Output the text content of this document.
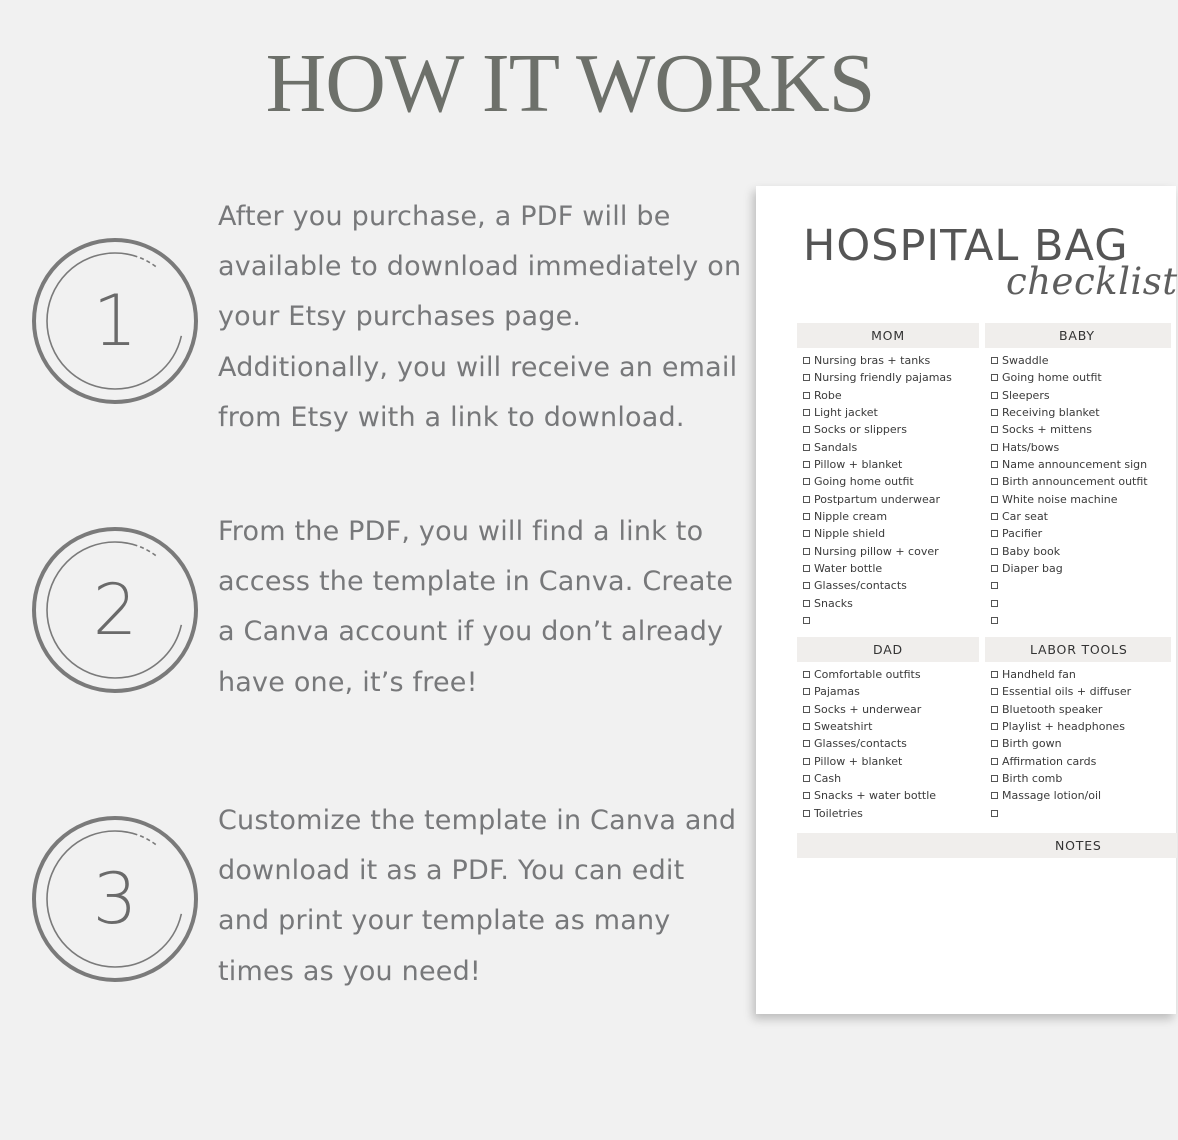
HOW IT WORKS
1

After you purchase, a PDF will be
available to download immediately on
your Etsy purchases page.
Additionally, you will receive an email
from Etsy with a link to download.

2

From the PDF, you will find a link to
access the template in Canva. Create
a Canva account if you don’t already
have one, it’s free!

3

Customize the template in Canva and
download it as a PDF. You can edit
and print your template as many
times as you need!

HOSPITAL BAG
checklist
MOM	BABY
Nursing bras + tanks
Nursing friendly pajamas
Robe
Light jacket
Socks or slippers
Sandals
Pillow + blanket
Going home outfit
Postpartum underwear
Nipple cream
Nipple shield
Nursing pillow + cover
Water bottle
Glasses/contacts
Snacks
Swaddle
Going home outfit
Sleepers
Receiving blanket
Socks + mittens
Hats/bows
Name announcement sign
Birth announcement outfit
White noise machine
Car seat
Pacifier
Baby book
Diaper bag
DAD	LABOR TOOLS
Comfortable outfits
Pajamas
Socks + underwear
Sweatshirt
Glasses/contacts
Pillow + blanket
Cash
Snacks + water bottle
Toiletries
Handheld fan
Essential oils + diffuser
Bluetooth speaker
Playlist + headphones
Birth gown
Affirmation cards
Birth comb
Massage lotion/oil
NOTES
